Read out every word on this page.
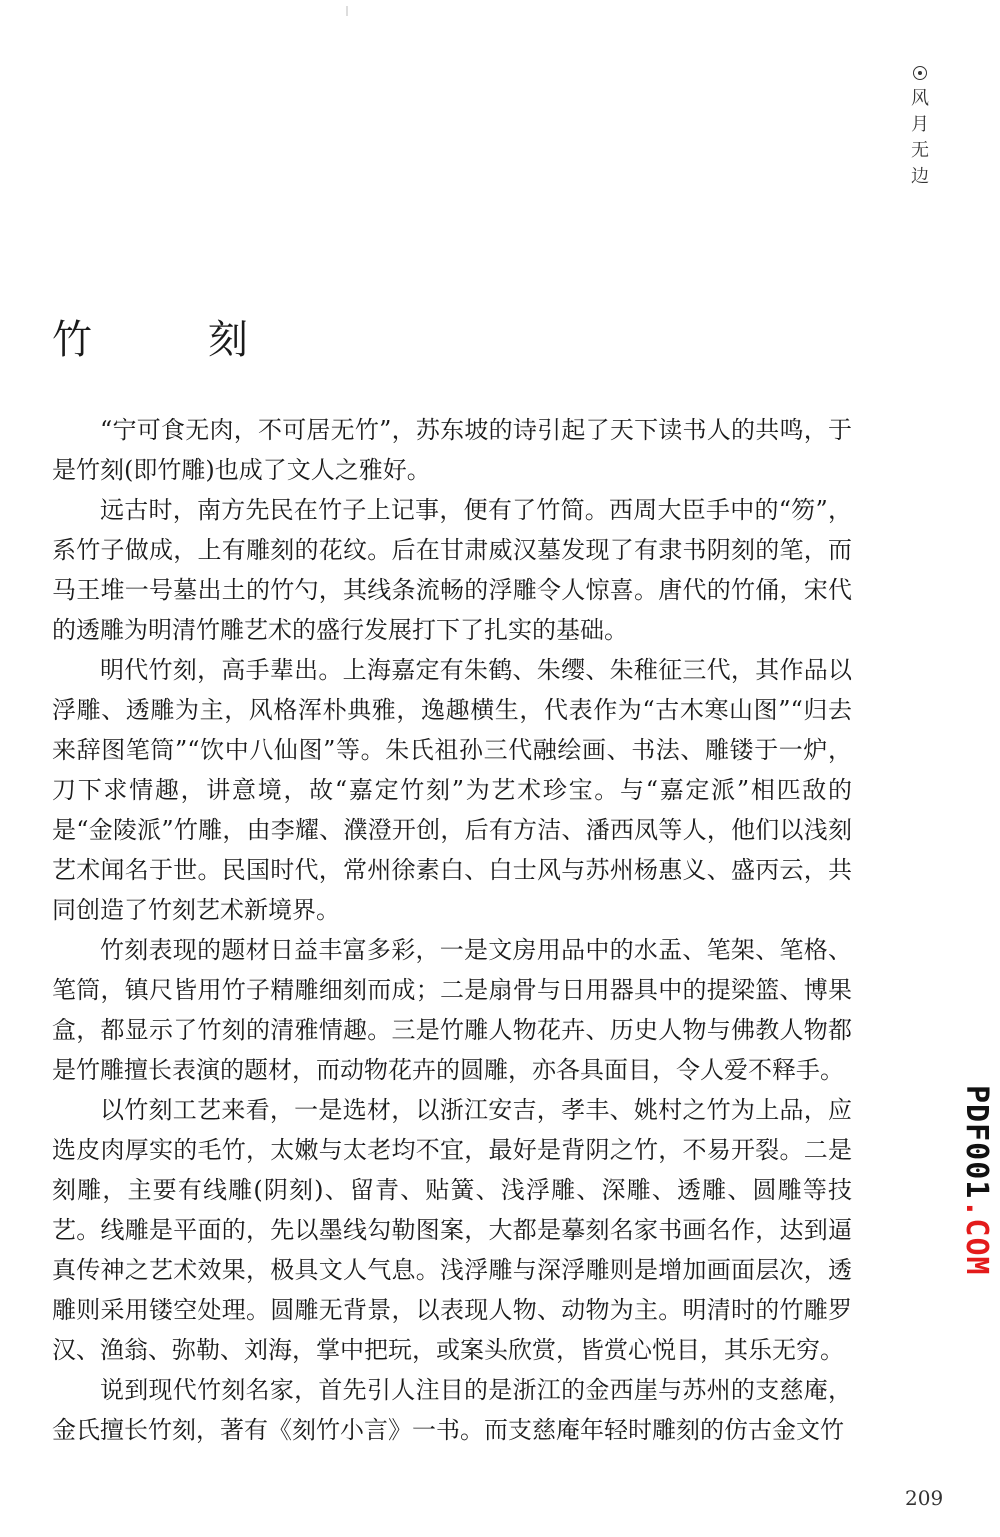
风
月
无
边
竹　刻

“宁可食无肉，不可居无竹”，苏东坡的诗引起了天下读书人的共鸣，于是竹刻(即竹雕)也成了文人之雅好。

远古时，南方先民在竹子上记事，便有了竹简。西周大臣手中的“笏”，系竹子做成，上有雕刻的花纹。后在甘肃威汉墓发现了有隶书阴刻的笔，而马王堆一号墓出土的竹勺，其线条流畅的浮雕令人惊喜。唐代的竹俑，宋代的透雕为明清竹雕艺术的盛行发展打下了扎实的基础。

明代竹刻，高手辈出。上海嘉定有朱鹤、朱缨、朱稚征三代，其作品以浮雕、透雕为主，风格浑朴典雅，逸趣横生，代表作为“古木寒山图”“归去来辞图笔筒”“饮中八仙图”等。朱氏祖孙三代融绘画、书法、雕镂于一炉，刀下求情趣，讲意境，故“嘉定竹刻”为艺术珍宝。与“嘉定派”相匹敌的是“金陵派”竹雕，由李耀、濮澄开创，后有方洁、潘西凤等人，他们以浅刻艺术闻名于世。民国时代，常州徐素白、白士风与苏州杨惠义、盛丙云，共同创造了竹刻艺术新境界。

竹刻表现的题材日益丰富多彩，一是文房用品中的水盂、笔架、笔格、笔筒，镇尺皆用竹子精雕细刻而成；二是扇骨与日用器具中的提梁篮、博果盒，都显示了竹刻的清雅情趣。三是竹雕人物花卉、历史人物与佛教人物都是竹雕擅长表演的题材，而动物花卉的圆雕，亦各具面目，令人爱不释手。

以竹刻工艺来看，一是选材，以浙江安吉，孝丰、姚村之竹为上品，应选皮肉厚实的毛竹，太嫩与太老均不宜，最好是背阴之竹，不易开裂。二是刻雕，主要有线雕(阴刻)、留青、贴簧、浅浮雕、深雕、透雕、圆雕等技艺。线雕是平面的，先以墨线勾勒图案，大都是摹刻名家书画名作，达到逼真传神之艺术效果，极具文人气息。浅浮雕与深浮雕则是增加画面层次，透雕则采用镂空处理。圆雕无背景，以表现人物、动物为主。明清时的竹雕罗汉、渔翁、弥勒、刘海，掌中把玩，或案头欣赏，皆赏心悦目，其乐无穷。

说到现代竹刻名家，首先引人注目的是浙江的金西崖与苏州的支慈庵，金氏擅长竹刻，著有《刻竹小言》一书。而支慈庵年轻时雕刻的仿古金文竹

PDF001.COM
209
